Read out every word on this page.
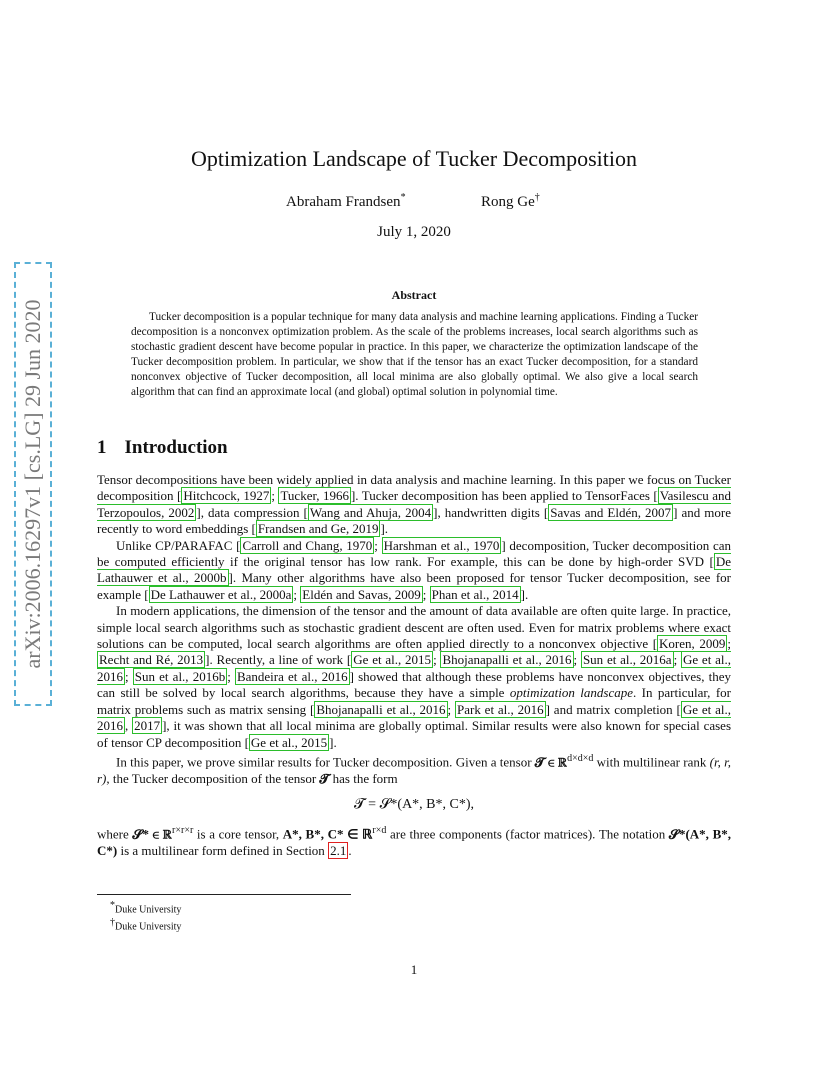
arXiv:2006.16297v1 [cs.LG] 29 Jun 2020
Optimization Landscape of Tucker Decomposition
Abraham Frandsen*	Rong Ge†
July 1, 2020
Abstract

Tucker decomposition is a popular technique for many data analysis and machine learning applications. Finding a Tucker decomposition is a nonconvex optimization problem. As the scale of the problems increases, local search algorithms such as stochastic gradient descent have become popular in practice. In this paper, we characterize the optimization landscape of the Tucker decomposition problem. In particular, we show that if the tensor has an exact Tucker decomposition, for a standard nonconvex objective of Tucker decomposition, all local minima are also globally optimal. We also give a local search algorithm that can find an approximate local (and global) optimal solution in polynomial time.

1 Introduction

Tensor decompositions have been widely applied in data analysis and machine learning. In this paper we focus on Tucker decomposition [ Hitchcock, 1927 ; Tucker, 1966 ]. Tucker decomposition has been applied to TensorFaces [ Vasilescu and Terzopoulos, 2002 ], data compression [ Wang and Ahuja, 2004 ], handwritten digits [ Savas and Eldén, 2007 ] and more recently to word embeddings [ Frandsen and Ge, 2019 ].

Unlike CP/PARAFAC [ Carroll and Chang, 1970 ; Harshman et al., 1970 ] decomposition, Tucker decomposition can be computed efficiently if the original tensor has low rank. For example, this can be done by high-order SVD [ De Lathauwer et al., 2000b ]. Many other algorithms have also been proposed for tensor Tucker decomposition, see for example [ De Lathauwer et al., 2000a ; Eldén and Savas, 2009 ; Phan et al., 2014 ].

In modern applications, the dimension of the tensor and the amount of data available are often quite large. In practice, simple local search algorithms such as stochastic gradient descent are often used. Even for matrix problems where exact solutions can be computed, local search algorithms are often applied directly to a nonconvex objective [ Koren, 2009 ; Recht and Ré, 2013 ]. Recently, a line of work [ Ge et al., 2015 ; Bhojanapalli et al., 2016 ; Sun et al., 2016a ; Ge et al., 2016 ; Sun et al., 2016b ; Bandeira et al., 2016 ] showed that although these problems have nonconvex objectives, they can still be solved by local search algorithms, because they have a simple optimization landscape. In particular, for matrix problems such as matrix sensing [ Bhojanapalli et al., 2016 ; Park et al., 2016 ] and matrix completion [ Ge et al., 2016 , 2017 ], it was shown that all local minima are globally optimal. Similar results were also known for special cases of tensor CP decomposition [ Ge et al., 2015 ].

In this paper, we prove similar results for Tucker decomposition. Given a tensor 𝓣 ∈ ℝ$^{d\times d\times d}$ with multilinear rank (r, r, r), the Tucker decomposition of the tensor 𝓣 has the form

𝓣 = 𝓢*(A*, B*, C*),

where 𝓢* ∈ ℝ$^{r\times r\times r}$ is a core tensor, A*, B*, C* ∈ ℝ$^{r\times d}$ are three components (factor matrices). The notation 𝓢*(A*, B*, C*) is a multilinear form defined in Section 2.1 .

*Duke University
†Duke University
1
